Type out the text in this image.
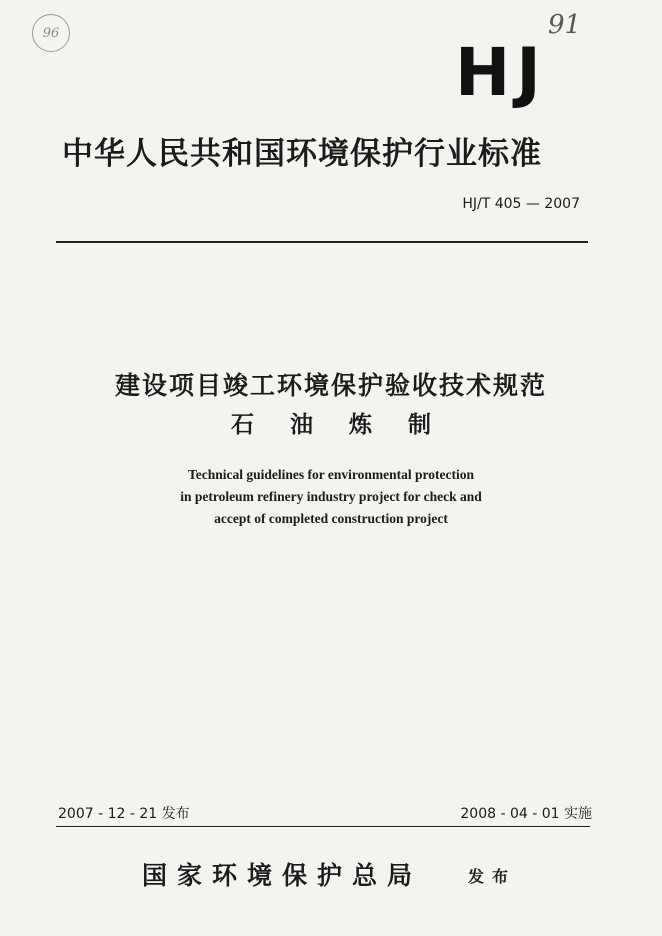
96	91
HJ
中华人民共和国环境保护行业标准
HJ/T 405 — 2007
建设项目竣工环境保护验收技术规范
石 油 炼 制
Technical guidelines for environmental protection
in petroleum refinery industry project for check and
accept of completed construction project
2007 - 12 - 21 发布	2008 - 04 - 01 实施
国家环境保护总局	发布
